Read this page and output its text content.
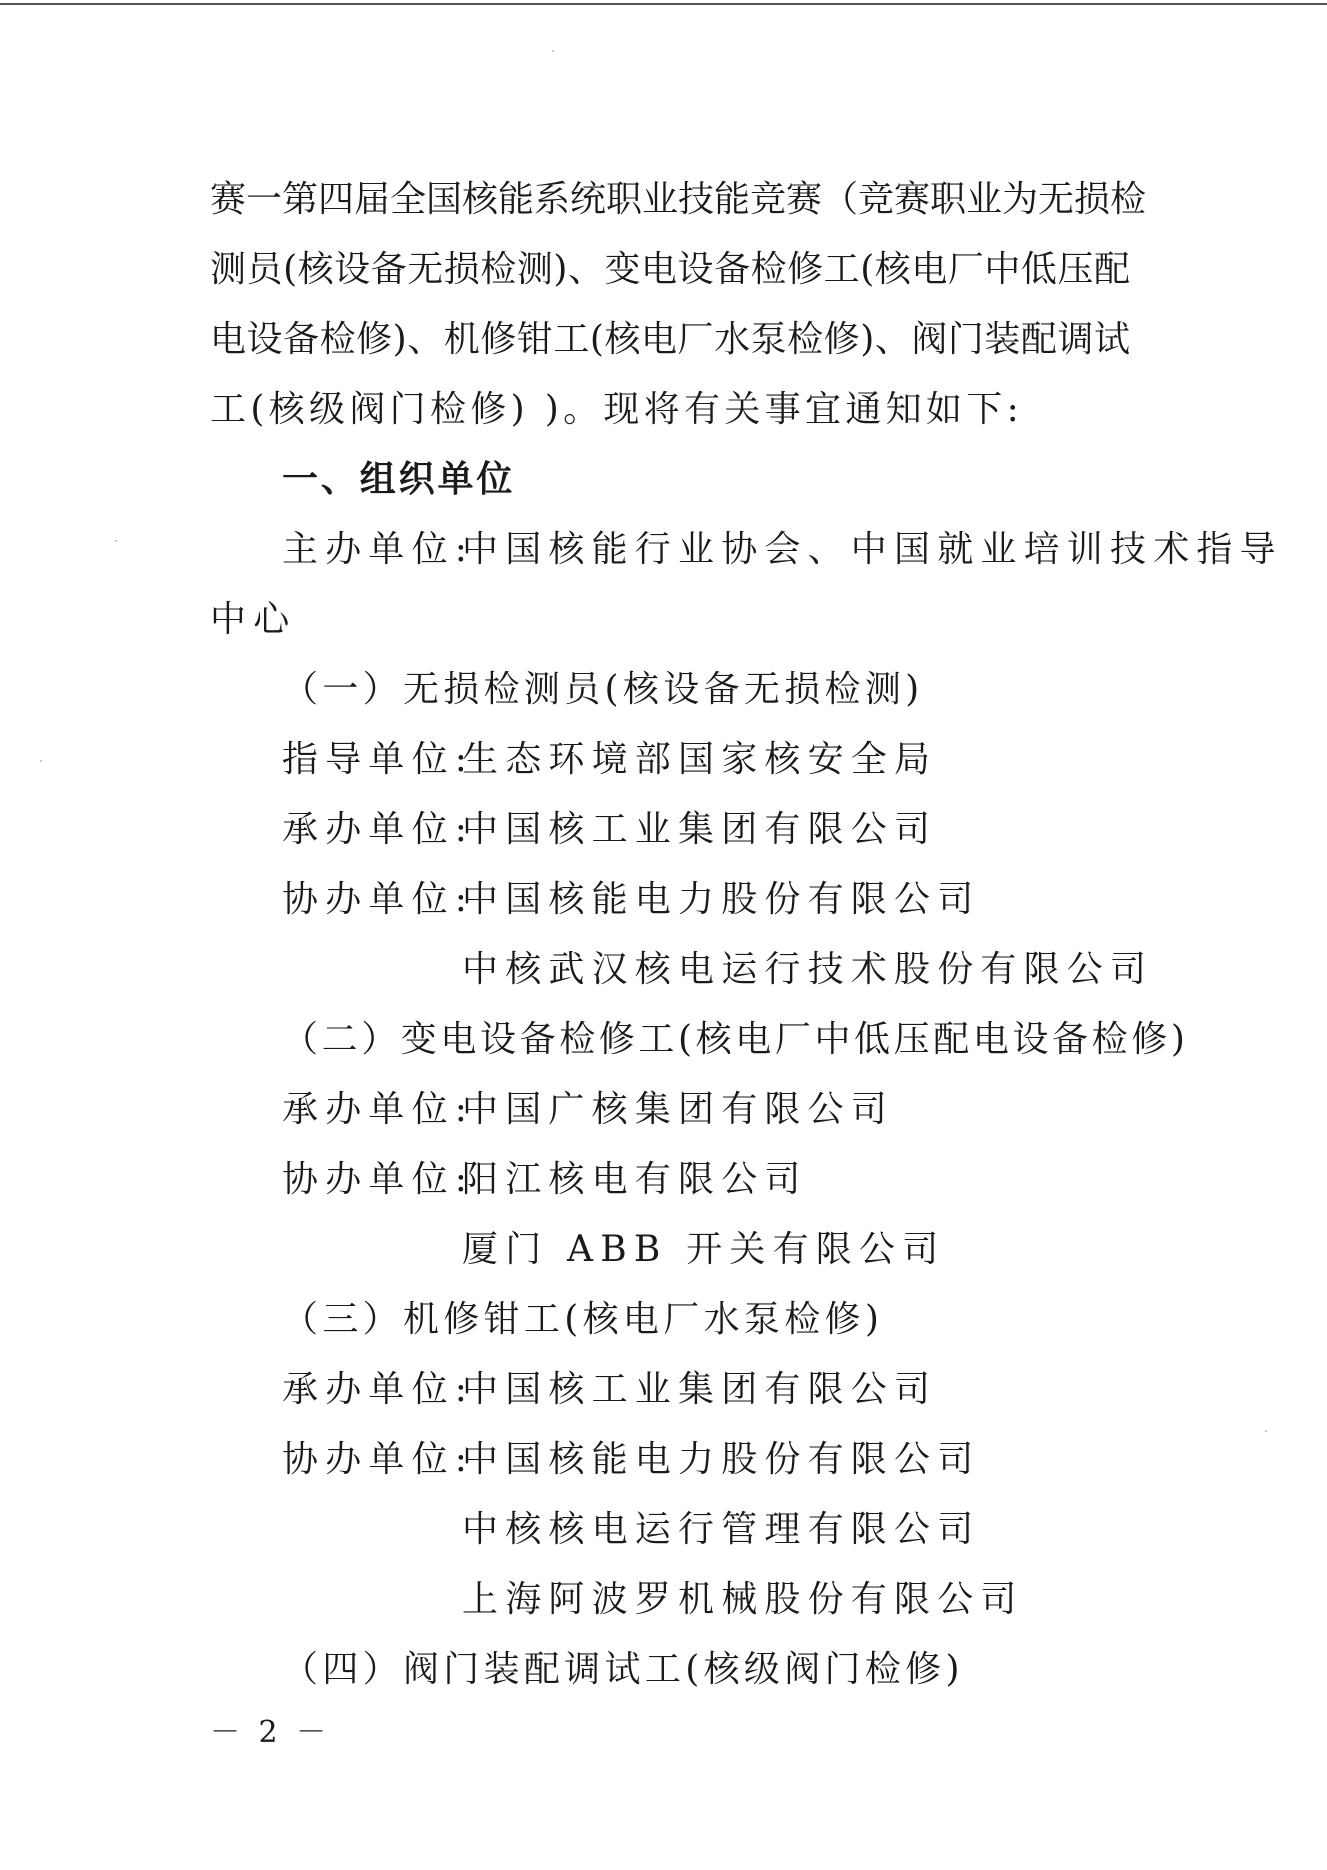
赛一第四届全国核能系统职业技能竞赛（竞赛职业为无损检
测员(核设备无损检测)、变电设备检修工(核电厂中低压配
电设备检修)、机修钳工(核电厂水泵检修)、阀门装配调试
工(核级阀门检修) )。现将有关事宜通知如下:
一、组织单位
主办单位:中国核能行业协会、中国就业培训技术指导
中心
（一）无损检测员(核设备无损检测)
指导单位:生态环境部国家核安全局
承办单位:中国核工业集团有限公司
协办单位:中国核能电力股份有限公司
中核武汉核电运行技术股份有限公司
（二）变电设备检修工(核电厂中低压配电设备检修)
承办单位:中国广核集团有限公司
协办单位:阳江核电有限公司
厦门 ABB 开关有限公司
（三）机修钳工(核电厂水泵检修)
承办单位:中国核工业集团有限公司
协办单位:中国核能电力股份有限公司
中核核电运行管理有限公司
上海阿波罗机械股份有限公司
（四）阀门装配调试工(核级阀门检修)
－ 2 －
